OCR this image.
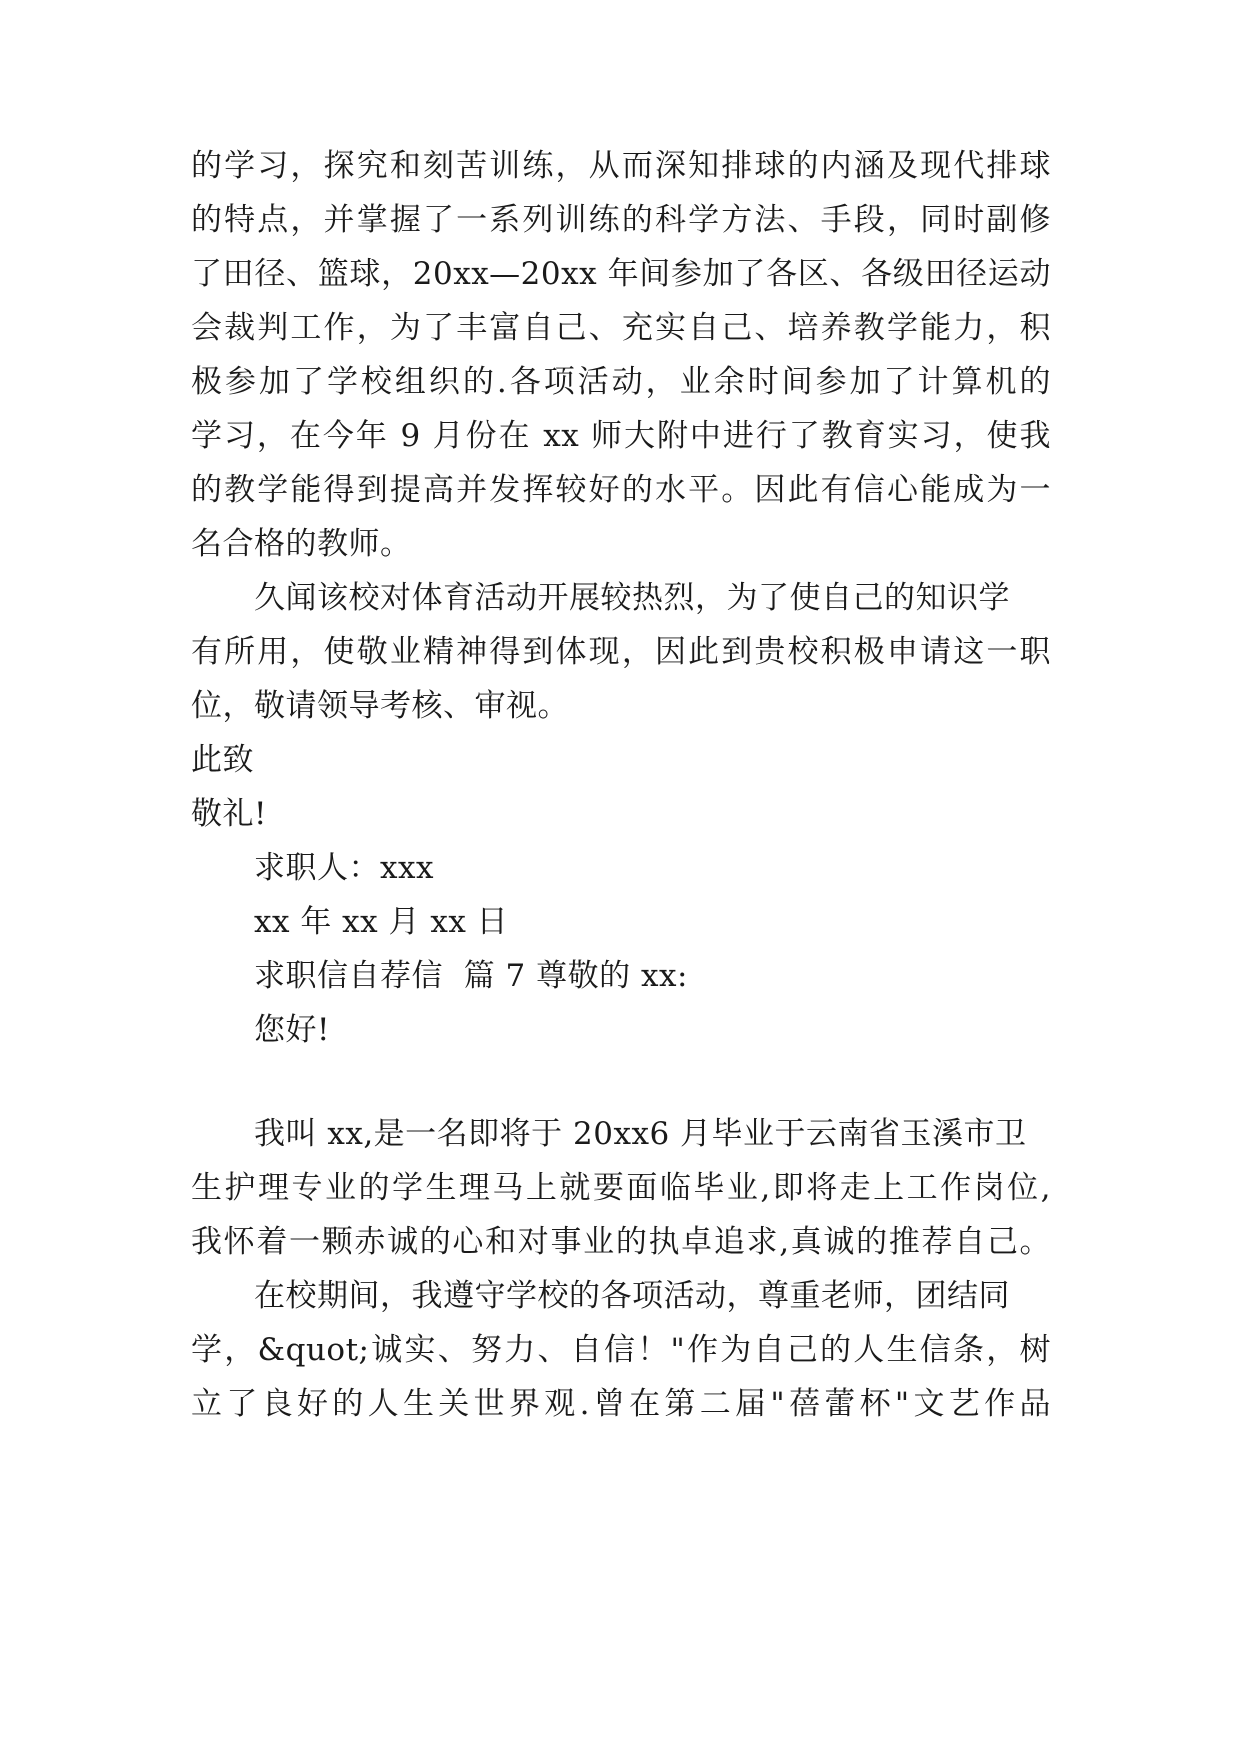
的学习，探究和刻苦训练，从而深知排球的内涵及现代排球

的特点，并掌握了一系列训练的科学方法、手段，同时副修

了田径、篮球，20xx—20xx 年间参加了各区、各级田径运动

会裁判工作，为了丰富自己、充实自己、培养教学能力，积

极参加了学校组织的.各项活动，业余时间参加了计算机的

学习，在今年 9 月份在 xx 师大附中进行了教育实习，使我

的教学能得到提高并发挥较好的水平。因此有信心能成为一

名合格的教师。

久闻该校对体育活动开展较热烈，为了使自己的知识学

有所用，使敬业精神得到体现，因此到贵校积极申请这一职

位，敬请领导考核、审视。

此致

敬礼!

求职人：xxx

xx 年 xx 月 xx 日

求职信自荐信  篇 7 尊敬的 xx:

您好!

我叫 xx,是一名即将于 20xx6 月毕业于云南省玉溪市卫

生护理专业的学生理马上就要面临毕业,即将走上工作岗位,

我怀着一颗赤诚的心和对事业的执卓追求,真诚的推荐自己。

在校期间，我遵守学校的各项活动，尊重老师，团结同

学，&quot;诚实、努力、自信！"作为自己的人生信条，树

立了良好的人生关世界观.曾在第二届"蓓蕾杯"文艺作品
